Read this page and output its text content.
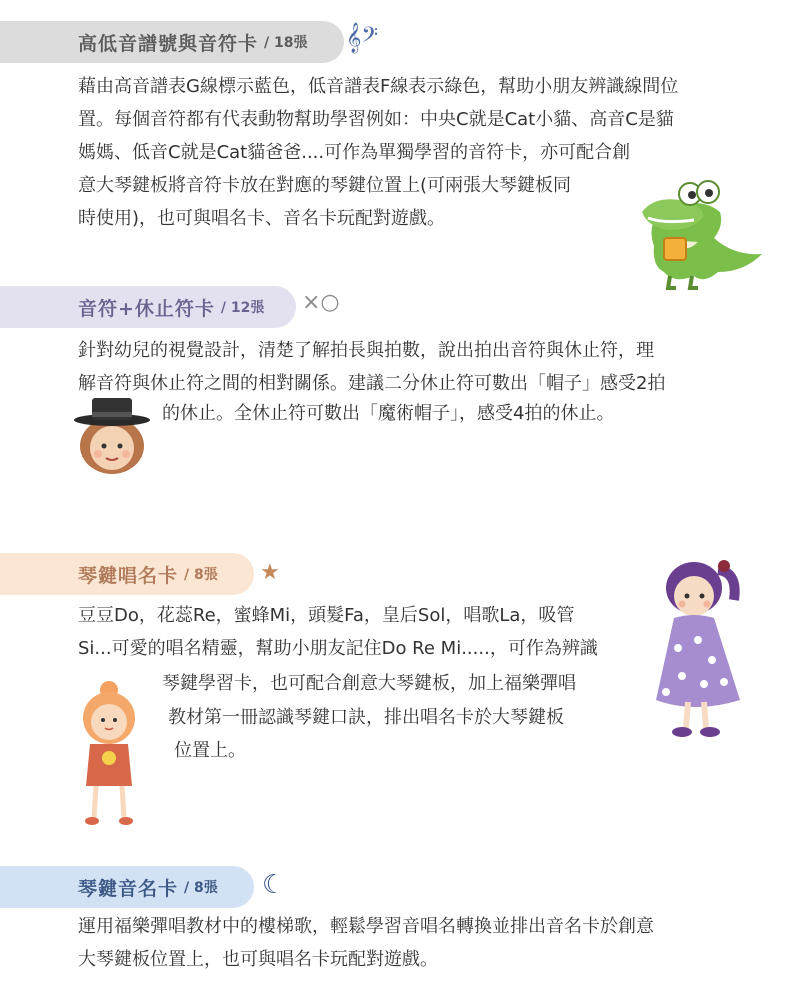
高低音譜號與音符卡 / 18張 𝄞𝄢

藉由高音譜表G線標示藍色，低音譜表F線表示綠色，幫助小朋友辨識線間位

置。每個音符都有代表動物幫助學習例如：中央C就是Cat小貓、高音C是貓

媽媽、低音C就是Cat貓爸爸....可作為單獨學習的音符卡，亦可配合創

意大琴鍵板將音符卡放在對應的琴鍵位置上(可兩張大琴鍵板同

時使用)，也可與唱名卡、音名卡玩配對遊戲。

音符+休止符卡 / 12張 ×○

針對幼兒的視覺設計，清楚了解拍長與拍數，說出拍出音符與休止符，理

解音符與休止符之間的相對關係。建議二分休止符可數出「帽子」感受2拍

的休止。全休止符可數出「魔術帽子」，感受4拍的休止。

琴鍵唱名卡 / 8張 ★

豆豆Do，花蕊Re，蜜蜂Mi，頭髮Fa，皇后Sol，唱歌La，吸管

Si...可愛的唱名精靈，幫助小朋友記住Do Re Mi.....，可作為辨識

琴鍵學習卡，也可配合創意大琴鍵板，加上福樂彈唱

教材第一冊認識琴鍵口訣，排出唱名卡於大琴鍵板

位置上。

琴鍵音名卡 / 8張 ☾

運用福樂彈唱教材中的樓梯歌，輕鬆學習音唱名轉換並排出音名卡於創意

大琴鍵板位置上，也可與唱名卡玩配對遊戲。
